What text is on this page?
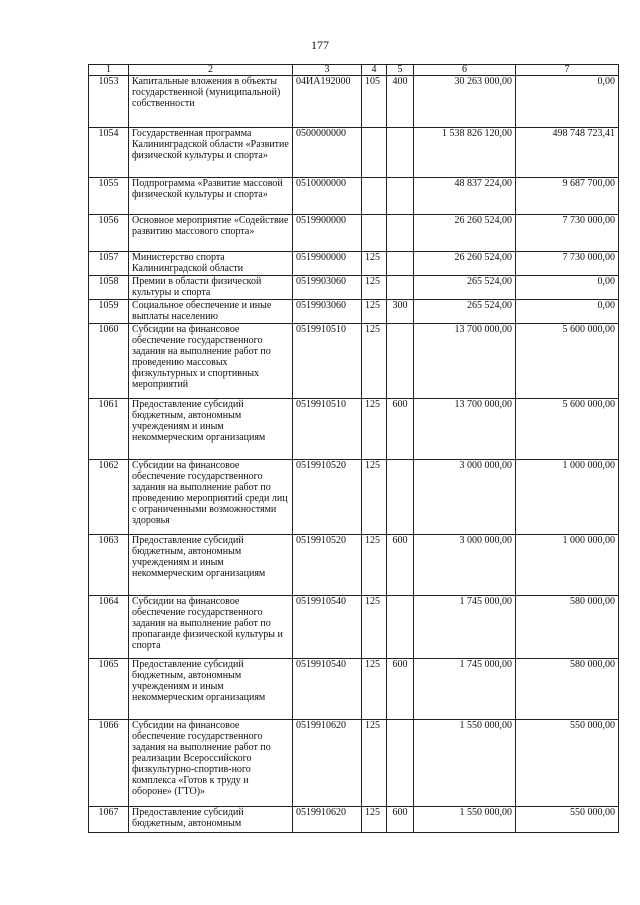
177
1	2	3	4	5	6	7
1053	Капитальные вложения в объекты государственной (муниципальной) собственности	04ИА192000	105	400	30 263 000,00	0,00
1054	Государственная программа Калининградской области «Развитие физической культуры и спорта»	0500000000			1 538 826 120,00	498 748 723,41
1055	Подпрограмма «Развитие массовой физической культуры и спорта»	0510000000			48 837 224,00	9 687 700,00
1056	Основное мероприятие «Содействие развитию массового спорта»	0519900000			26 260 524,00	7 730 000,00
1057	Министерство спорта Калининградской области	0519900000	125		26 260 524,00	7 730 000,00
1058	Премии в области физической культуры и спорта	0519903060	125		265 524,00	0,00
1059	Социальное обеспечение и иные выплаты населению	0519903060	125	300	265 524,00	0,00
1060	Субсидии на финансовое обеспечение государственного задания на выполнение работ по проведению массовых физкультурных и спортивных мероприятий	0519910510	125		13 700 000,00	5 600 000,00
1061	Предоставление субсидий бюджетным, автономным учреждениям и иным некоммерческим организациям	0519910510	125	600	13 700 000,00	5 600 000,00
1062	Субсидии на финансовое обеспечение государственного задания на выполнение работ по проведению мероприятий среди лиц с ограниченными возможностями здоровья	0519910520	125		3 000 000,00	1 000 000,00
1063	Предоставление субсидий бюджетным, автономным учреждениям и иным некоммерческим организациям	0519910520	125	600	3 000 000,00	1 000 000,00
1064	Субсидии на финансовое обеспечение государственного задания на выполнение работ по пропаганде физической культуры и спорта	0519910540	125		1 745 000,00	580 000,00
1065	Предоставление субсидий бюджетным, автономным учреждениям и иным некоммерческим организациям	0519910540	125	600	1 745 000,00	580 000,00
1066	Субсидии на финансовое обеспечение государственного задания на выполнение работ по реализации Всероссийского физкультурно-спортив-ного комплекса «Готов к труду и обороне» (ГТО)»	0519910620	125		1 550 000,00	550 000,00
1067	Предоставление субсидий бюджетным, автономным	0519910620	125	600	1 550 000,00	550 000,00
